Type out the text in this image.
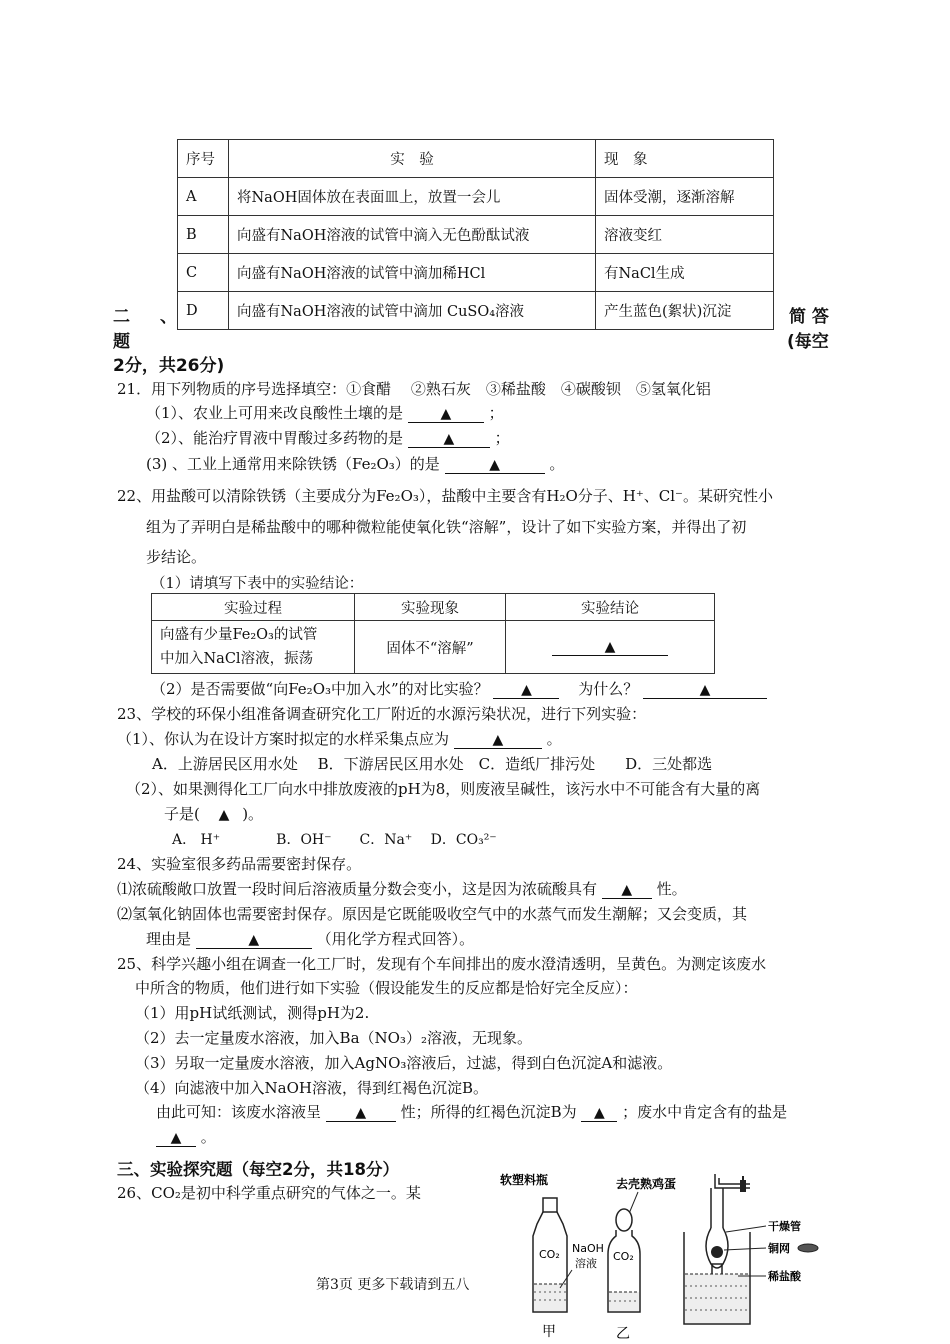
序号	实　验	现　象
A	将NaOH固体放在表面皿上，放置一会儿	固体受潮，逐渐溶解
B	向盛有NaOH溶液的试管中滴入无色酚酞试液	溶液变红
C	向盛有NaOH溶液的试管中滴加稀HCl	有NaCl生成
D	向盛有NaOH溶液的试管中滴加 CuSO₄溶液	产生蓝色(絮状)沉淀
二 、	简 答
题	(每空
2分，共26分)
21．用下列物质的序号选择填空：①食醋　 ②熟石灰　③稀盐酸　④碳酸钡　⑤氢氧化铝
（1）、农业上可用来改良酸性土壤的是	▲ ；
（2）、能治疗胃液中胃酸过多药物的是	▲	；
(3) 、工业上通常用来除铁锈（Fe₂O₃）的是	▲	。
22、用盐酸可以清除铁锈（主要成分为Fe₂O₃），盐酸中主要含有H₂O分子、H⁺、Cl⁻。某研究性小
组为了弄明白是稀盐酸中的哪种微粒能使氧化铁“溶解”，设计了如下实验方案，并得出了初
步结论。
（1）请填写下表中的实验结论：
实验过程	实验现象	实验结论

向盛有少量Fe₂O₃的试管
中加入NaCl溶液，振荡	固体不“溶解”	▲
（2）是否需要做“向Fe₂O₃中加入水”的对比实验？ ▲	为什么？	▲
23、学校的环保小组准备调查研究化工厂附近的水源污染状况，进行下列实验：
（1）、你认为在设计方案时拟定的水样采集点应为	▲	。
A．上游居民区用水处　 B．下游居民区用水处　C．造纸厂排污处　　D．三处都选
（2）、如果测得化工厂向水中排放废液的pH为8，则废液呈碱性，该污水中不可能含有大量的离
子是( ▲ )。
A． H⁺　　　　B．OH⁻　　C．Na⁺　 D．CO₃²⁻
24、实验室很多药品需要密封保存。
⑴浓硫酸敞口放置一段时间后溶液质量分数会变小，这是因为浓硫酸具有 ▲ 性。
⑵氢氧化钠固体也需要密封保存。原因是它既能吸收空气中的水蒸气而发生潮解；又会变质，其
理由是	▲	（用化学方程式回答）。
25、科学兴趣小组在调查一化工厂时，发现有个车间排出的废水澄清透明，呈黄色。为测定该废水
中所含的物质，他们进行如下实验（假设能发生的反应都是恰好完全反应）：
（1）用pH试纸测试，测得pH为2.
（2）去一定量废水溶液，加入Ba（NO₃）₂溶液，无现象。
（3）另取一定量废水溶液，加入AgNO₃溶液后，过滤，得到白色沉淀A和滤液。
（4）向滤液中加入NaOH溶液，得到红褐色沉淀B。
由此可知：该废水溶液呈 ▲ 性；所得的红褐色沉淀B为 ▲ ；废水中肯定含有的盐是
▲ 。
三、实验探究题（每空2分，共18分）
26、CO₂是初中科学重点研究的气体之一。某
第3页 更多下载请到五八
软塑料瓶	去壳熟鸡蛋
CO₂ NaOH
溶液
CO₂
干燥管
铜网
稀盐酸
甲	乙
